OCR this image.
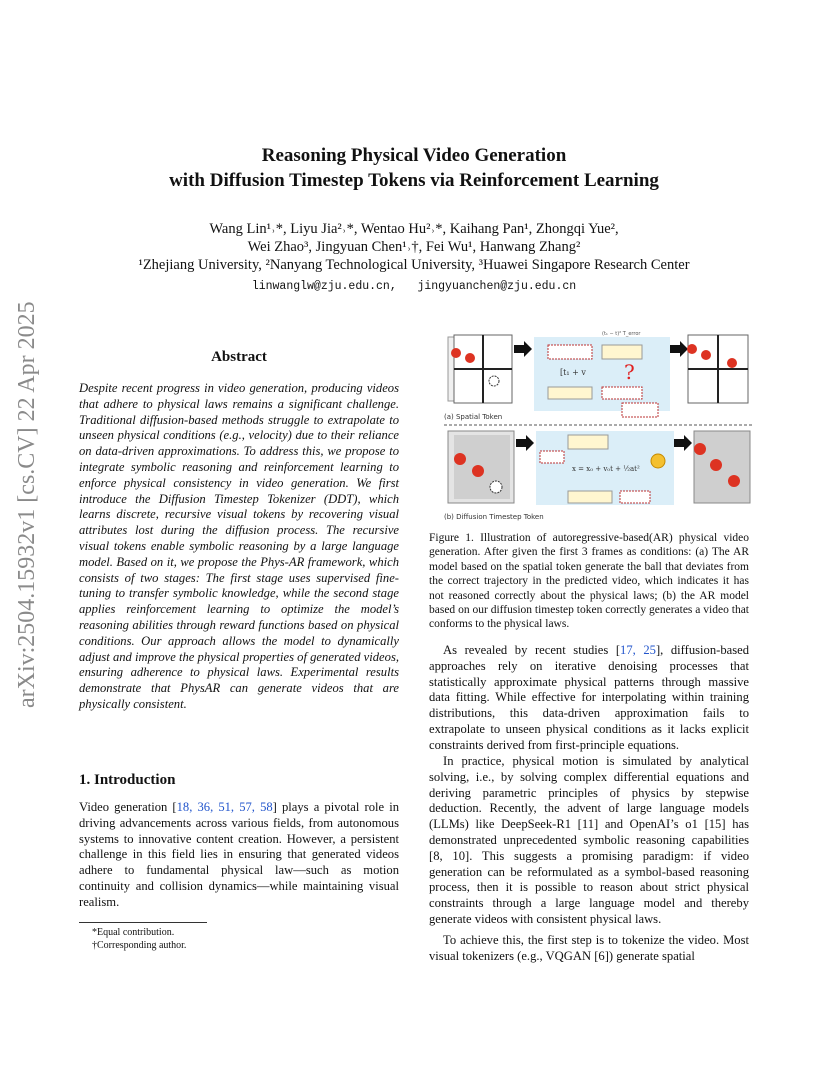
arXiv:2504.15932v1 [cs.CV] 22 Apr 2025
Reasoning Physical Video Generation
with Diffusion Timestep Tokens via Reinforcement Learning
Wang Lin¹˒*, Liyu Jia²˒*, Wentao Hu²˒*, Kaihang Pan¹, Zhongqi Yue²,
Wei Zhao³, Jingyuan Chen¹˒†, Fei Wu¹, Hanwang Zhang²
¹Zhejiang University, ²Nanyang Technological University, ³Huawei Singapore Research Center
linwanglw@zju.edu.cn,   jingyuanchen@zju.edu.cn
Abstract
Despite recent progress in video generation, producing videos that adhere to physical laws remains a significant challenge. Traditional diffusion-based methods struggle to extrapolate to unseen physical conditions (e.g., velocity) due to their reliance on data-driven approximations. To address this, we propose to integrate symbolic reasoning and reinforcement learning to enforce physical consistency in video generation. We first introduce the Diffusion Timestep Tokenizer (DDT), which learns discrete, recursive visual tokens by recovering visual attributes lost during the diffusion process. The recursive visual tokens enable symbolic reasoning by a large language model. Based on it, we propose the Phys-AR framework, which consists of two stages: The first stage uses supervised fine-tuning to transfer symbolic knowledge, while the second stage applies reinforcement learning to optimize the model’s reasoning abilities through reward functions based on physical conditions. Our approach allows the model to dynamically adjust and improve the physical properties of generated videos, ensuring adherence to physical laws. Experimental results demonstrate that PhysAR can generate videos that are physically consistent.
1. Introduction
Video generation [18, 36, 51, 57, 58] plays a pivotal role in driving advancements across various fields, from autonomous systems to innovative content creation. However, a persistent challenge in this field lies in ensuring that generated videos adhere to fundamental physical law—such as motion continuity and collision dynamics—while maintaining visual realism.
*Equal contribution.
†Corresponding author.
[t₁ + v ?
(t₁ − t)² T_error
(a) Spatial Token
x = x₀ + v₀t + ½at²
(b) Diffusion Timestep Token
Figure 1. Illustration of autoregressive-based(AR) physical video generation. After given the first 3 frames as conditions: (a) The AR model based on the spatial token generate the ball that deviates from the correct trajectory in the predicted video, which indicates it has not reasoned correctly about the physical laws; (b) the AR model based on our diffusion timestep token correctly generates a video that conforms to the physical laws.
As revealed by recent studies [17, 25], diffusion-based approaches rely on iterative denoising processes that statistically approximate physical patterns through massive data fitting. While effective for interpolating within training distributions, this data-driven approximation fails to extrapolate to unseen physical conditions as it lacks explicit constraints derived from first-principle equations.
In practice, physical motion is simulated by analytical solving, i.e., by solving complex differential equations and deriving parametric principles of physics by stepwise deduction. Recently, the advent of large language models (LLMs) like DeepSeek-R1 [11] and OpenAI’s o1 [15] has demonstrated unprecedented symbolic reasoning capabilities [8, 10]. This suggests a promising paradigm: if video generation can be reformulated as a symbol-based reasoning process, then it is possible to reason about strict physical constraints through a large language model and thereby generate videos with consistent physical laws.
To achieve this, the first step is to tokenize the video. Most visual tokenizers (e.g., VQGAN [6]) generate spatial
